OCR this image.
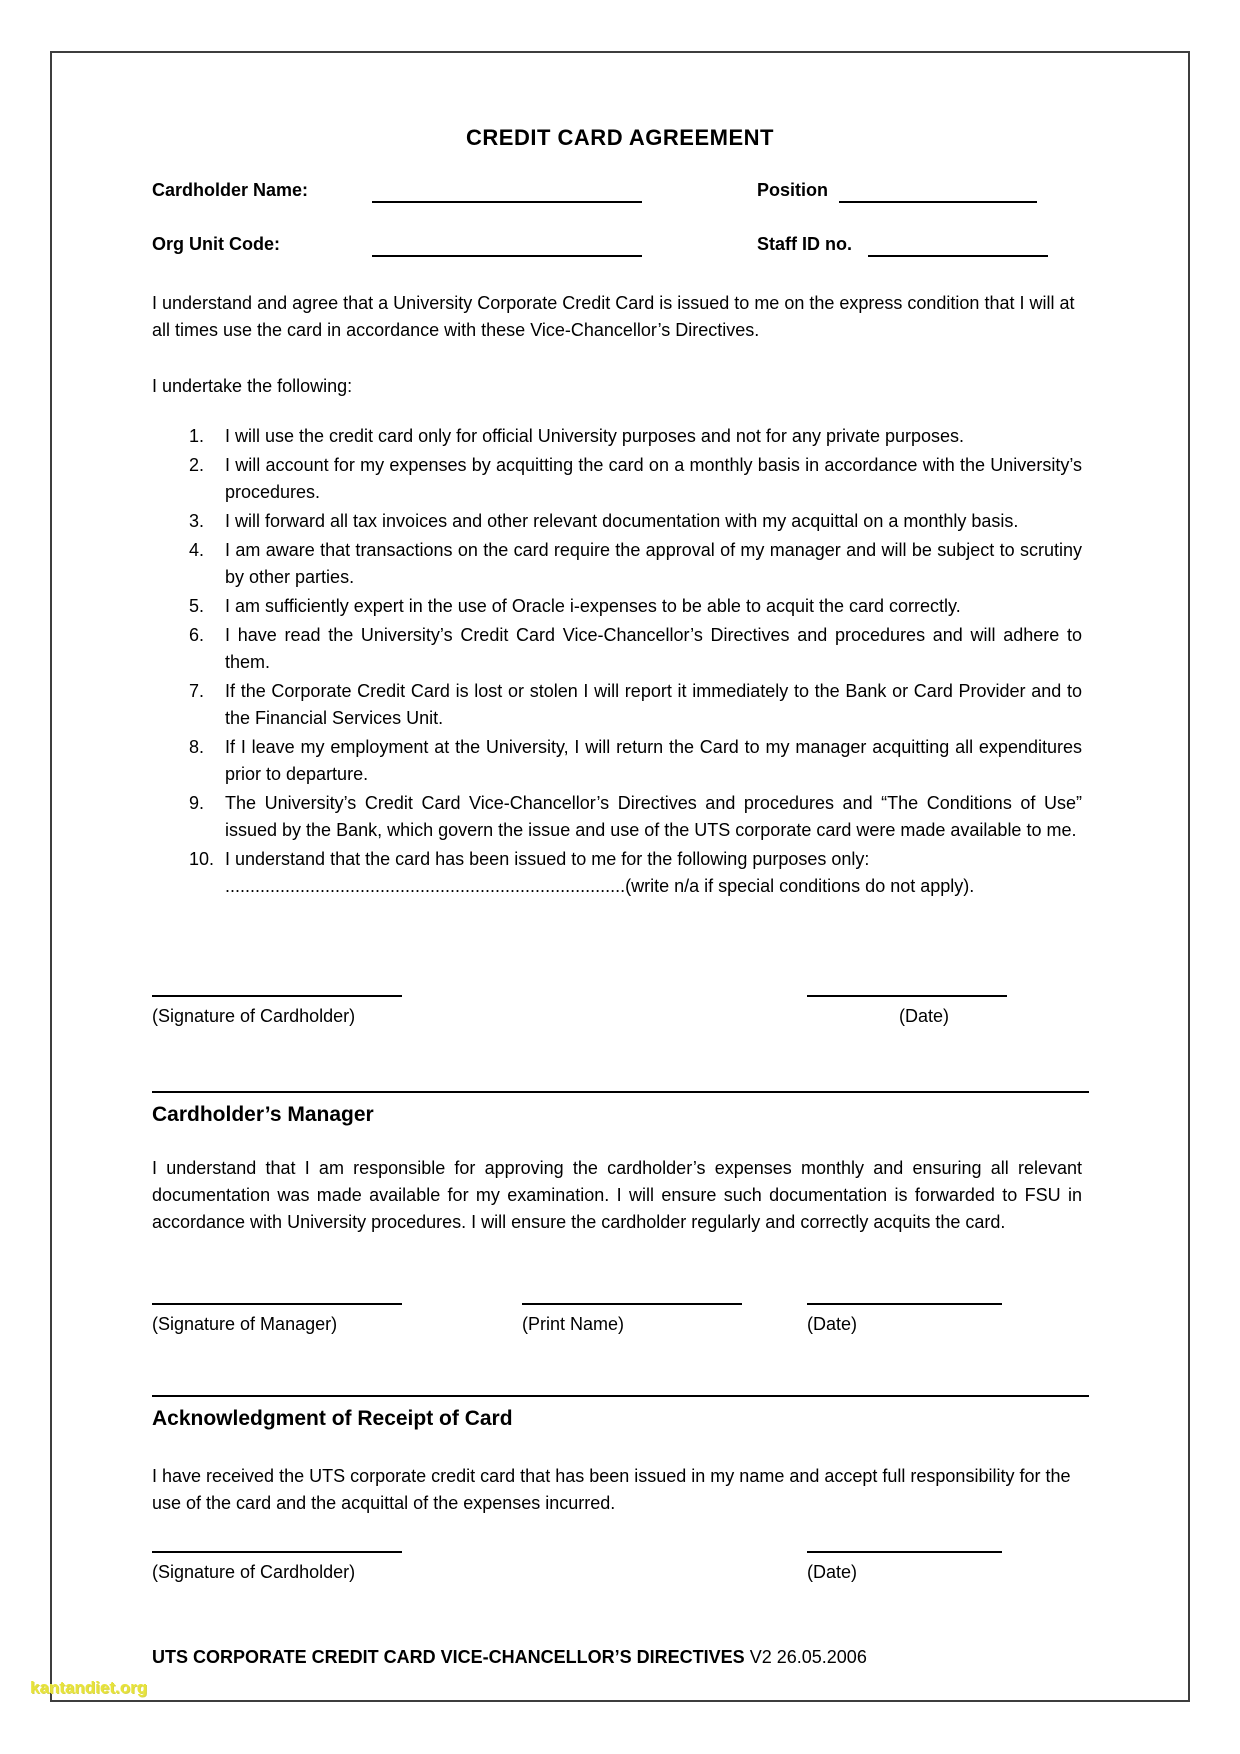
CREDIT CARD AGREEMENT
Cardholder Name:	Position
Org Unit Code:	Staff ID no.
I understand and agree that a University Corporate Credit Card is issued to me on the express condition that I will at all times use the card in accordance with these Vice-Chancellor’s Directives.
I undertake the following:
1.	I will use the credit card only for official University purposes and not for any private purposes.
2.	I will account for my expenses by acquitting the card on a monthly basis in accordance with the University’s procedures.
3.	I will forward all tax invoices and other relevant documentation with my acquittal on a monthly basis.
4.	I am aware that transactions on the card require the approval of my manager and will be subject to scrutiny by other parties.
5.	I am sufficiently expert in the use of Oracle i-expenses to be able to acquit the card correctly.
6.	I have read the University’s Credit Card Vice-Chancellor’s Directives and procedures and will adhere to them.
7.	If the Corporate Credit Card is lost or stolen I will report it immediately to the Bank or Card Provider and to the Financial Services Unit.
8.	If I leave my employment at the University, I will return the Card to my manager acquitting all expenditures prior to departure.
9.	The University’s Credit Card Vice-Chancellor’s Directives and procedures and “The Conditions of Use” issued by the Bank, which govern the issue and use of the UTS corporate card were made available to me.
10. I understand that the card has been issued to me for the following purposes only:
................................................................................(write n/a if special conditions do not apply).
(Signature of Cardholder)	(Date)
Cardholder’s Manager
I understand that I am responsible for approving the cardholder’s expenses monthly and ensuring all relevant documentation was made available for my examination. I will ensure such documentation is forwarded to FSU in accordance with University procedures. I will ensure the cardholder regularly and correctly acquits the card.
(Signature of Manager)	(Print Name)	(Date)
Acknowledgment of Receipt of Card
I have received the UTS corporate credit card that has been issued in my name and accept full responsibility for the use of the card and the acquittal of the expenses incurred.
(Signature of Cardholder)	(Date)
UTS CORPORATE CREDIT CARD VICE-CHANCELLOR’S DIRECTIVES V2 26.05.2006
kantandiet.org
